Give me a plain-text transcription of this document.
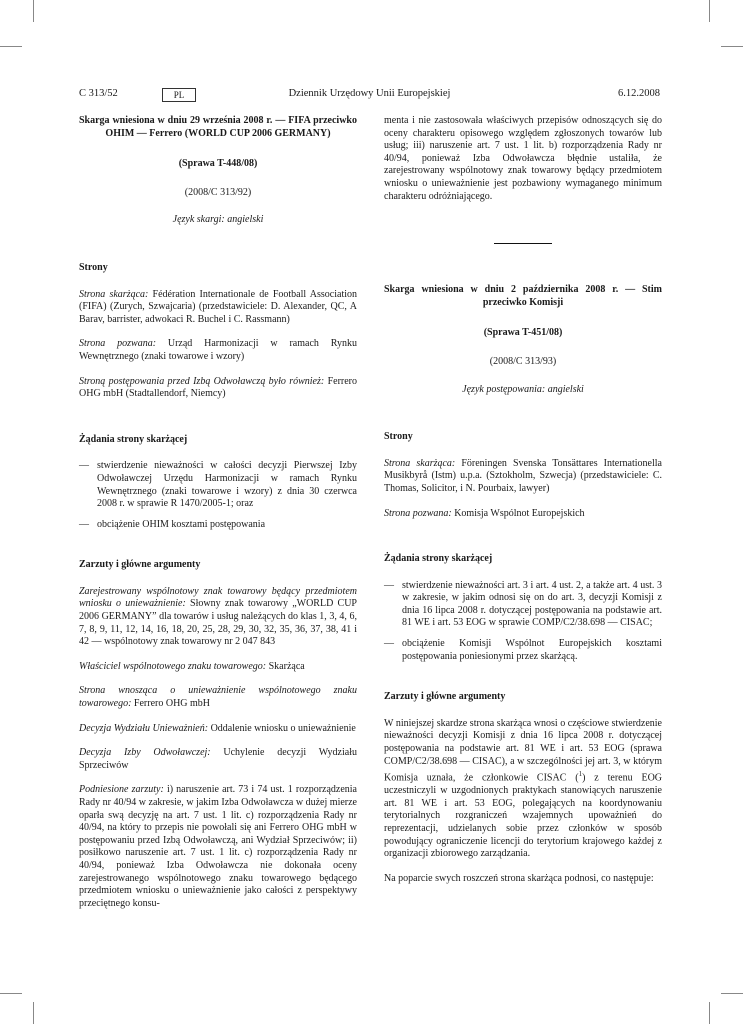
C 313/52	PL	Dziennik Urzędowy Unii Europejskiej	6.12.2008

Skarga wniesiona w dniu 29 września 2008 r. — FIFA przeciwko OHIM — Ferrero (WORLD CUP 2006 GERMANY)

(Sprawa T-448/08)

(2008/C 313/92)

Język skargi: angielski

Strony

Strona skarżąca: Fédération Internationale de Football Association (FIFA) (Zurych, Szwajcaria) (przedstawiciele: D. Alexander, QC, A Barav, barrister, adwokaci R. Buchel i C. Rassmann)

Strona pozwana: Urząd Harmonizacji w ramach Rynku Wewnętrznego (znaki towarowe i wzory)

Stroną postępowania przed Izbą Odwoławczą było również: Ferrero OHG mbH (Stadtallendorf, Niemcy)

Żądania strony skarżącej

— stwierdzenie nieważności w całości decyzji Pierwszej Izby Odwoławczej Urzędu Harmonizacji w ramach Rynku Wewnętrznego (znaki towarowe i wzory) z dnia 30 czerwca 2008 r. w sprawie R 1470/2005-1; oraz
— obciążenie OHIM kosztami postępowania

Zarzuty i główne argumenty

Zarejestrowany wspólnotowy znak towarowy będący przedmiotem wniosku o unieważnienie: Słowny znak towarowy „WORLD CUP 2006 GERMANY” dla towarów i usług należących do klas 1, 3, 4, 6, 7, 8, 9, 11, 12, 14, 16, 18, 20, 25, 28, 29, 30, 32, 35, 36, 37, 38, 41 i 42 — wspólnotowy znak towarowy nr 2 047 843

Właściciel wspólnotowego znaku towarowego: Skarżąca

Strona wnosząca o unieważnienie wspólnotowego znaku towarowego: Ferrero OHG mbH

Decyzja Wydziału Unieważnień: Oddalenie wniosku o unieważnienie

Decyzja Izby Odwoławczej: Uchylenie decyzji Wydziału Sprzeciwów

Podniesione zarzuty: i) naruszenie art. 73 i 74 ust. 1 rozporządzenia Rady nr 40/94 w zakresie, w jakim Izba Odwoławcza w dużej mierze oparła swą decyzję na art. 7 ust. 1 lit. c) rozporządzenia Rady nr 40/94, na który to przepis nie powołali się ani Ferrero OHG mbH w postępowaniu przed Izbą Odwoławczą, ani Wydział Sprzeciwów; ii) posiłkowo naruszenie art. 7 ust. 1 lit. c) rozporządzenia Rady nr 40/94, ponieważ Izba Odwoławcza nie dokonała oceny zarejestrowanego wspólnotowego znaku towarowego będącego przedmiotem wniosku o unieważnienie jako całości z perspektywy przeciętnego konsu-

menta i nie zastosowała właściwych przepisów odnoszących się do oceny charakteru opisowego względem zgłoszonych towarów lub usług; iii) naruszenie art. 7 ust. 1 lit. b) rozporządzenia Rady nr 40/94, ponieważ Izba Odwoławcza błędnie ustaliła, że zarejestrowany wspólnotowy znak towarowy będący przedmiotem wniosku o unieważnienie jest pozbawiony wymaganego minimum charakteru odróżniającego.

Skarga wniesiona w dniu 2 października 2008 r. — Stim przeciwko Komisji

(Sprawa T-451/08)

(2008/C 313/93)

Język postępowania: angielski

Strony

Strona skarżąca: Föreningen Svenska Tonsättares Internationella Musikbyrå (Istm) u.p.a. (Sztokholm, Szwecja) (przedstawiciele: C. Thomas, Solicitor, i N. Pourbaix, lawyer)

Strona pozwana: Komisja Wspólnot Europejskich

Żądania strony skarżącej

— stwierdzenie nieważności art. 3 i art. 4 ust. 2, a także art. 4 ust. 3 w zakresie, w jakim odnosi się on do art. 3, decyzji Komisji z dnia 16 lipca 2008 r. dotyczącej postępowania na podstawie art. 81 WE i art. 53 EOG w sprawie COMP/C2/38.698 — CISAC;
— obciążenie Komisji Wspólnot Europejskich kosztami postępowania poniesionymi przez skarżącą.

Zarzuty i główne argumenty

W niniejszej skardze strona skarżąca wnosi o częściowe stwierdzenie nieważności decyzji Komisji z dnia 16 lipca 2008 r. dotyczącej postępowania na podstawie art. 81 WE i art. 53 EOG (sprawa COMP/C2/38.698 — CISAC), a w szczególności jej art. 3, w którym Komisja uznała, że członkowie CISAC ($^1$) z terenu EOG uczestniczyli w uzgodnionych praktykach stanowiących naruszenie art. 81 WE i art. 53 EOG, polegających na koordynowaniu terytorialnych rozgraniczeń wzajemnych upoważnień do reprezentacji, udzielanych sobie przez członków w sposób powodujący ograniczenie licencji do terytorium krajowego każdej z organizacji zbiorowego zarządzania.

Na poparcie swych roszczeń strona skarżąca podnosi, co następuje:
